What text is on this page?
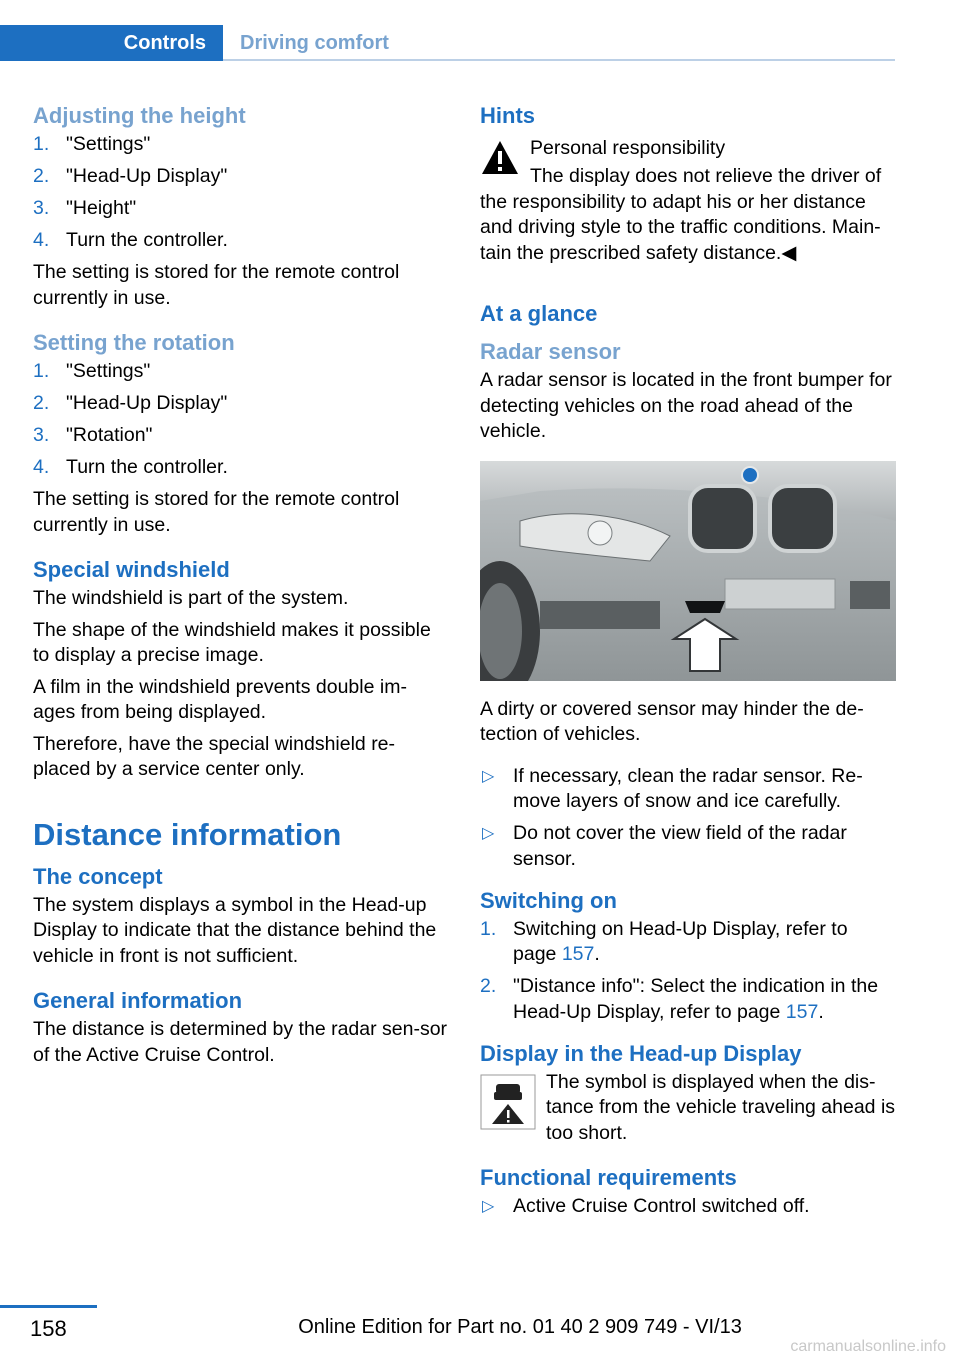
Controls	Driving comfort
Adjusting the height
1. "Settings"
2. "Head-Up Display"
3. "Height"
4. Turn the controller.

The setting is stored for the remote control currently in use.

Setting the rotation
1. "Settings"
2. "Head-Up Display"
3. "Rotation"
4. Turn the controller.

The setting is stored for the remote control currently in use.

Special windshield

The windshield is part of the system.

The shape of the windshield makes it possible to display a precise image.

A film in the windshield prevents double im‐ages from being displayed.

Therefore, have the special windshield re‐placed by a service center only.

Distance information
The concept

The system displays a symbol in the Head-up Display to indicate that the distance behind the vehicle in front is not sufficient.

General information

The distance is determined by the radar sen‐sor of the Active Cruise Control.

Hints

Personal responsibility

The display does not relieve the driver of the responsibility to adapt his or her distance and driving style to the traffic conditions. Main‐tain the prescribed safety distance.◀

At a glance
Radar sensor

A radar sensor is located in the front bumper for detecting vehicles on the road ahead of the vehicle.

A dirty or covered sensor may hinder the de‐tection of vehicles.

▷ If necessary, clean the radar sensor. Re‐move layers of snow and ice carefully.
▷ Do not cover the view field of the radar sensor.
Switching on
1. Switching on Head-Up Display, refer to page 157.
2. "Distance info": Select the indication in the Head-Up Display, refer to page 157.
Display in the Head-up Display

The symbol is displayed when the dis‐tance from the vehicle traveling ahead is too short.

Functional requirements
▷ Active Cruise Control switched off.
158	Online Edition for Part no. 01 40 2 909 749 - VI/13
carmanualsonline.info
